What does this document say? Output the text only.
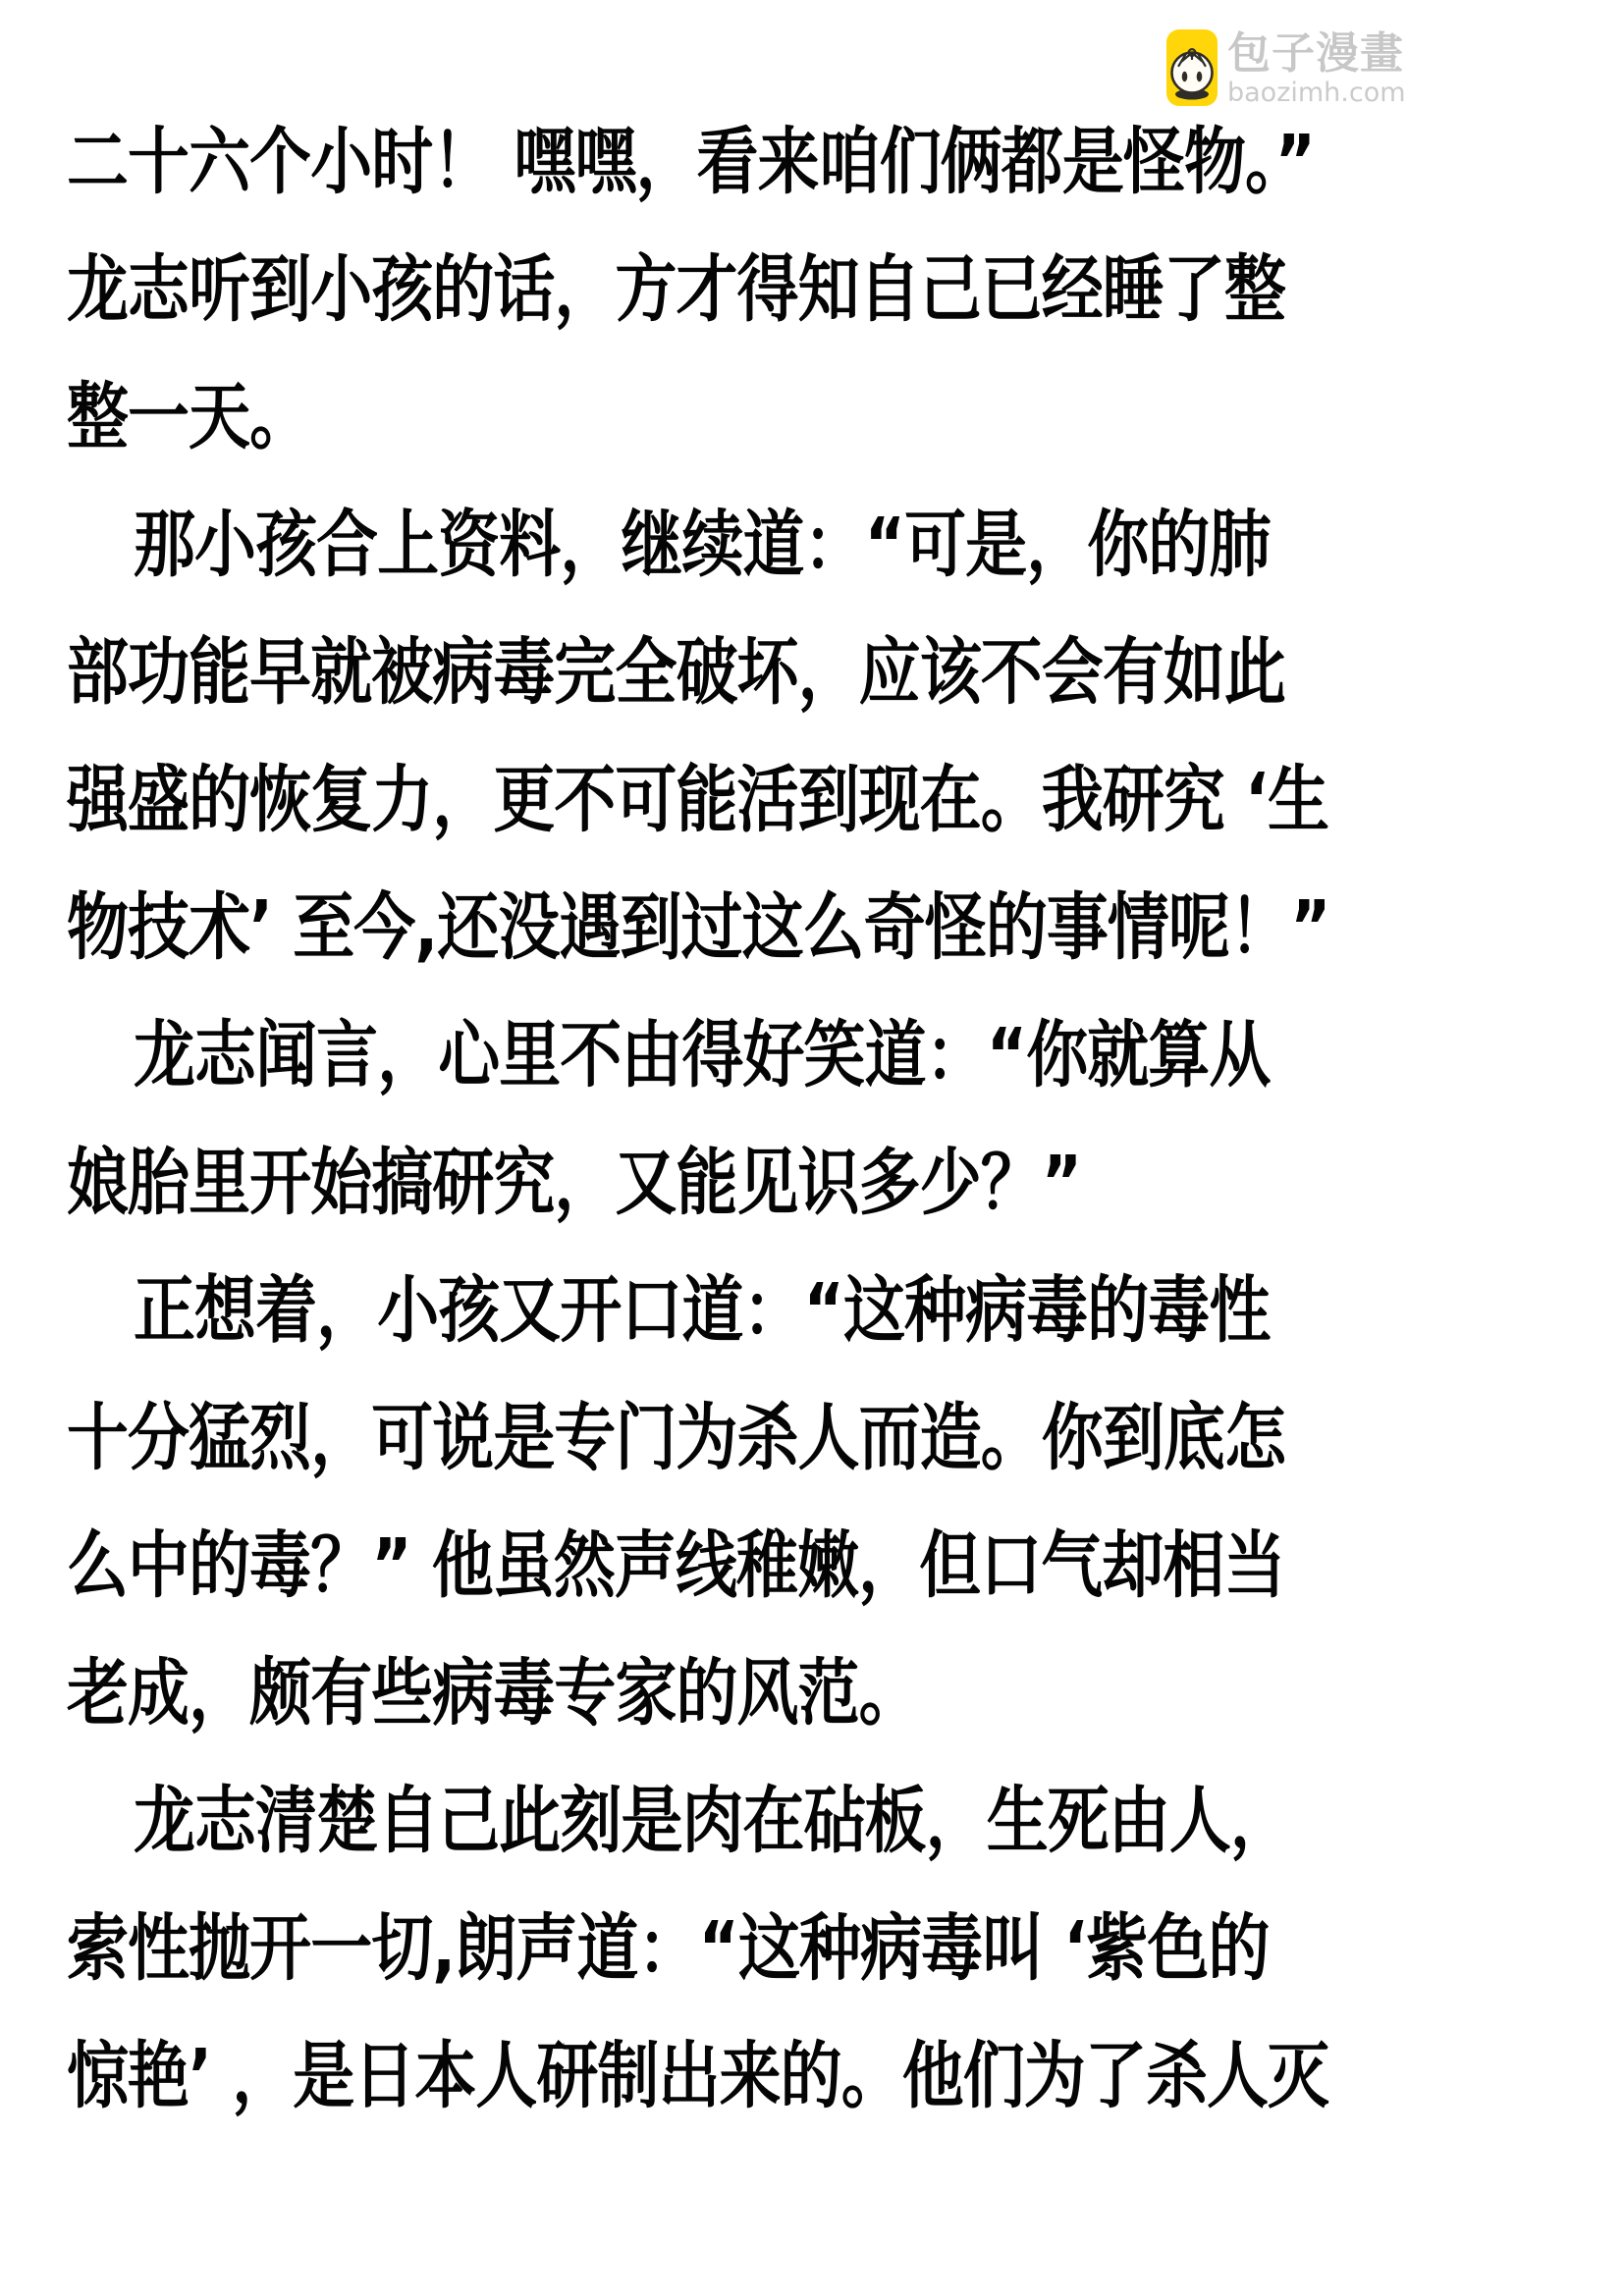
包子漫畫
baozimh.com
二十六个小时！ 嘿嘿，看来咱们俩都是怪物。”
龙志听到小孩的话，方才得知自己已经睡了整
整一天。
那小孩合上资料，继续道：“可是，你的肺
部功能早就被病毒完全破坏，应该不会有如此
强盛的恢复力，更不可能活到现在。我研究 ‘生
物技术’ 至今,还没遇到过这么奇怪的事情呢！”
龙志闻言，心里不由得好笑道：“你就算从
娘胎里开始搞研究，又能见识多少？”
正想着，小孩又开口道：“这种病毒的毒性
十分猛烈，可说是专门为杀人而造。你到底怎
么中的毒？” 他虽然声线稚嫩，但口气却相当
老成，颇有些病毒专家的风范。
龙志清楚自己此刻是肉在砧板，生死由人，
索性抛开一切,朗声道：“这种病毒叫 ‘紫色的
惊艳’ ，是日本人研制出来的。他们为了杀人灭
